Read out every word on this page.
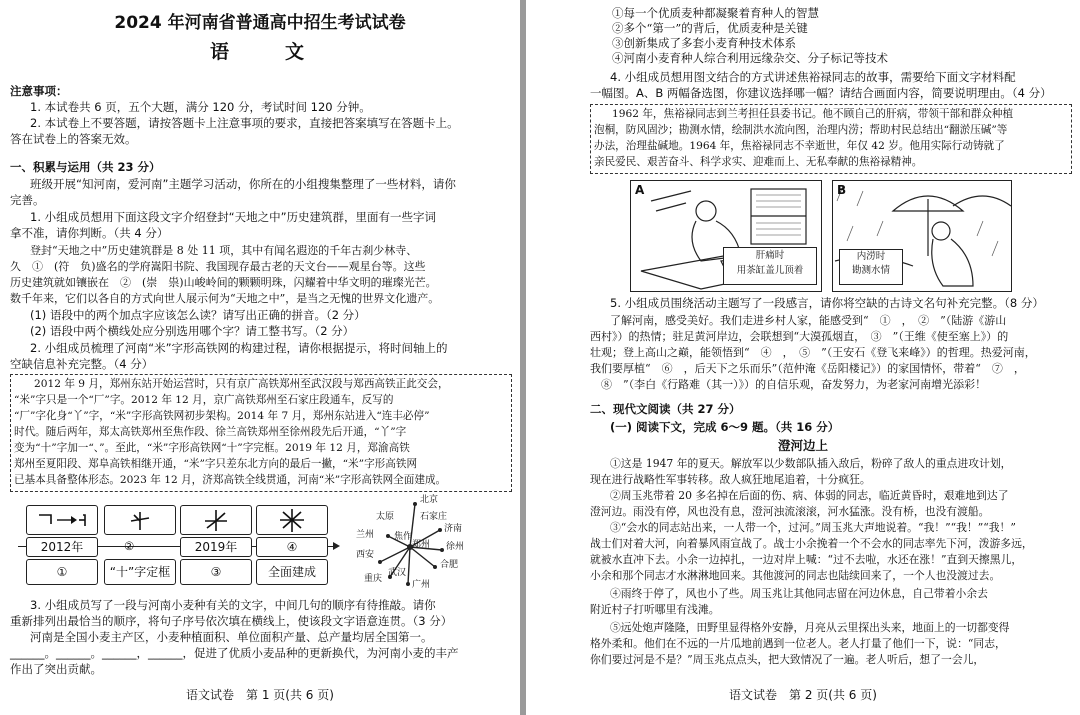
2024 年河南省普通高中招生考试试卷
语　　文
注意事项：
1. 本试卷共 6 页，五个大题，满分 120 分，考试时间 120 分钟。
2. 本试卷上不要答题，请按答题卡上注意事项的要求，直接把答案填写在答题卡上。
答在试卷上的答案无效。
一、积累与运用（共 23 分）
班级开展“知河南，爱河南”主题学习活动，你所在的小组搜集整理了一些材料，请你
完善。
1. 小组成员想用下面这段文字介绍登封“天地之中”历史建筑群，里面有一些字词
拿不准，请你判断。（共 4 分）
登封“天地之中”历史建筑群是 8 处 11 项，其中有闻名遐迩的千年古刹少林寺、
久　①　(符　负)盛名的学府嵩阳书院、我国现存最古老的天文台——观星台等。这些
历史建筑就如镶嵌在　②　(崇　祟)山峻岭间的颗颗明珠，闪耀着中华文明的璀璨光芒。
数千年来，它们以各自的方式向世人展示何为“天地之中”，是当之无愧的世界文化遗产。
(1) 语段中的两个加点字应该怎么读？请写出正确的拼音。（2 分）
(2) 语段中两个横线处应分别选用哪个字？请工整书写。（2 分）
2. 小组成员梳理了河南“米”字形高铁网的构建过程，请你根据提示，将时间轴上的
空缺信息补充完整。（4 分）
2012 年 9 月，郑州东站开始运营时，只有京广高铁郑州至武汉段与郑西高铁正此交会，
“米”字只是一个“厂”字。2012 年 12 月，京广高铁郑州至石家庄段通车，反写的
“厂”字化身“丫”字，“米”字形高铁网初步架构。2014 年 7 月，郑州东站进入“连丰必停”
时代。随后两年，郑太高铁郑州至焦作段、徐兰高铁郑州至徐州段先后开通，“丫”字
变为“十”字加一“、”。至此，“米”字形高铁网“十”字完框。2019 年 12 月，郑渝高铁
郑州至夏阳段、郑阜高铁相继开通，“米”字只差东北方向的最后一撇，“米”字形高铁网
已基本具备整体形态。2023 年 12 月，济郑高铁全线贯通，河南“米”字形高铁网全面建成。
2012年	②	2019年	④
①	“十”字定框	③	全面建成
北京
太原	石家庄
济南
兰州 焦作
郑州 徐州
西安
合肥
重庆
武汉
广州
3. 小组成员写了一段与河南小麦种有关的文字，中间几句的顺序有待推敲。请你
重新排列出最恰当的顺序，将句子序号依次填在横线上，使该段文字语意连贯。（3 分）
河南是全国小麦主产区，小麦种植面积、单位面积产量、总产量均居全国第一。
______。______。______，______，促进了优质小麦品种的更新换代，为河南小麦的丰产
作出了突出贡献。
语文试卷　第 1 页(共 6 页)
①每一个优质麦种都凝聚着育种人的智慧
②多个“第一”的背后，优质麦种是关键
③创新集成了多套小麦育种技术体系
④河南小麦育种人综合利用远缘杂交、分子标记等技术
4. 小组成员想用图文结合的方式讲述焦裕禄同志的故事，需要给下面文字材料配
一幅图。A、B 两幅备选图，你建议选择哪一幅？请结合画面内容，简要说明理由。（4 分）
1962 年，焦裕禄同志到兰考担任县委书记。他不顾自己的肝病，带领干部和群众种植
泡桐，防风固沙；勘测水情，绘制洪水流向图，治理内涝；帮助村民总结出“翻淤压碱”等
办法，治理盐碱地。1964 年，焦裕禄同志不幸逝世，年仅 42 岁。他用实际行动铸就了
亲民爱民、艰苦奋斗、科学求实、迎难而上、无私奉献的焦裕禄精神。
A
肝痛时
用茶缸盖儿顶着
B
内涝时
勘测水情
5. 小组成员围绕活动主题写了一段感言，请你将空缺的古诗文名句补充完整。（8 分）
了解河南，感受美好。我们走进乡村人家，能感受到“　①　，　②　”（陆游《游山
西村》）的热情；驻足黄河岸边，会联想到“大漠孤烟直，　③　”（王维《使至塞上》）的
壮观；登上高山之巅，能领悟到“　④　，　⑤　”（王安石《登飞来峰》）的哲理。热爱河南，
我们要厚植“　⑥　，后天下之乐而乐”（范仲淹《岳阳楼记》）的家国情怀，带着“　⑦　，
　⑧　”（李白《行路难（其一）》）的自信乐观，奋发努力，为老家河南增光添彩！
二、现代文阅读（共 27 分）
(一) 阅读下文，完成 6～9 题。（共 16 分）
澄河边上
①这是 1947 年的夏天。解放军以少数部队插入敌后，粉碎了敌人的重点进攻计划，
现在进行战略性军事转移。敌人疯狂地尾追着，十分疯狂。
②周玉兆带着 20 多名掉在后面的伤、病、体弱的同志，临近黄昏时，艰难地到达了
澄河边。雨没有停，风也没有息，澄河浊流滚滚，河水猛涨。没有桥，也没有渡船。
③“会水的同志站出来，一人带一个，过河。”周玉兆大声地说着。“我！”“我！”“我！”
战士们对着大河，向着暴风雨宣战了。战士小余挽着一个不会水的同志率先下河，泼游多远，
就被水直冲下去。小余一边掉扎，一边对岸上喊：“过不去啦，水还在涨！”直到天擦黑儿，
小余和那个同志才水淋淋地回来。其他渡河的同志也陆续回来了，一个人也没渡过去。
④雨终于停了，风也小了些。周玉兆让其他同志留在河边休息，自己带着小余去
附近村子打听哪里有浅滩。
⑤远处炮声隆隆，田野里显得格外安静，月亮从云里探出头来，地面上的一切都变得
格外柔和。他们在不远的一片瓜地前遇到一位老人。老人打量了他们一下，说：“同志，
你们要过河是不是？”周玉兆点点头，把大致情况了一遍。老人听后，想了一会儿，
语文试卷　第 2 页(共 6 页)
